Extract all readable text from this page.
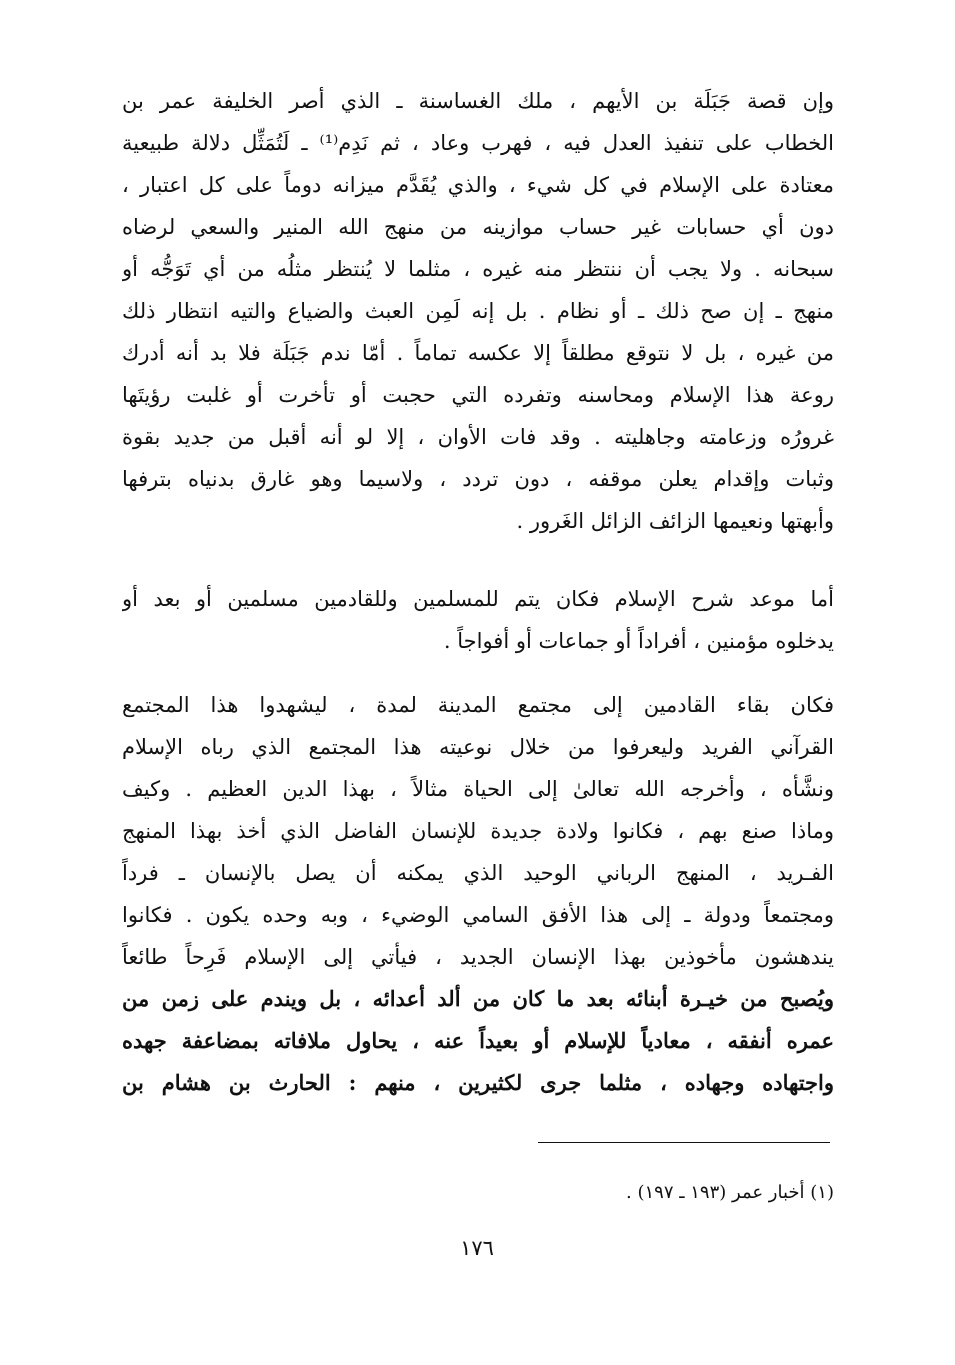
وإن قصة جَبَلَة بن الأيهم ، ملك الغساسنة ـ الذي أصر الخليفة عمر بن
الخطاب على تنفيذ العدل فيه ، فهرب وعاد ، ثم نَدِم⁽¹⁾ ـ لَتُمَثِّل دلالة طبيعية
معتادة على الإسلام في كل شيء ، والذي يُقَدَّم ميزانه دوماً على كل اعتبار ،
دون أي حسابات غير حساب موازينه من منهج الله المنير والسعي لرضاه
سبحانه . ولا يجب أن ننتظر منه غيره ، مثلما لا يُنتظر مثلُه من أي تَوَجُّه أو
منهج ـ إن صح ذلك ـ أو نظام . بل إنه لَمِن العبث والضياع والتيه انتظار ذلك
من غيره ، بل لا نتوقع مطلقاً إلا عكسه تماماً . أمّا ندم جَبَلَة فلا بد أنه أدرك
روعة هذا الإسلام ومحاسنه وتفرده التي حجبت أو تأخرت أو غلبت رؤيتَها
غرورُه وزعامته وجاهليته . وقد فات الأوان ، إلا لو أنه أقبل من جديد بقوة
وثبات وإقدام يعلن موقفه ، دون تردد ، ولاسيما وهو غارق بدنياه بترفها
وأبهتها ونعيمها الزائف الزائل الغَرور .
أما موعد شرح الإسلام فكان يتم للمسلمين وللقادمين مسلمين أو بعد أو
يدخلوه مؤمنين ، أفراداً أو جماعات أو أفواجاً .
فكان بقاء القادمين إلى مجتمع المدينة لمدة ، ليشهدوا هذا المجتمع
القرآني الفريد وليعرفوا من خلال نوعيته هذا المجتمع الذي رباه الإسلام
ونشَّأه ، وأخرجه الله تعالىٰ إلى الحياة مثالاً ، بهذا الدين العظيم . وكيف
وماذا صنع بهم ، فكانوا ولادة جديدة للإنسان الفاضل الذي أخذ بهذا المنهج
الفـريد ، المنهج الرباني الوحيد الذي يمكنه أن يصل بالإنسان ـ فرداً
ومجتمعاً ودولة ـ إلى هذا الأفق السامي الوضيء ، وبه وحده يكون . فكانوا
يندهشون مأخوذين بهذا الإنسان الجديد ، فيأتي إلى الإسلام فَرِحاً طائعاً
ويُصبح من خيـرة أبنائه بعد ما كان من ألد أعدائه ، بل ويندم على زمن من
عمره أنفقه ، معادياً للإسلام أو بعيداً عنه ، يحاول ملافاته بمضاعفة جهده
واجتهاده وجهاده ، مثلما جرى لكثيرين ، منهم : الحارث بن هشام بن
(١) أخبار عمر (١٩٣ ـ ١٩٧) .
١٧٦
